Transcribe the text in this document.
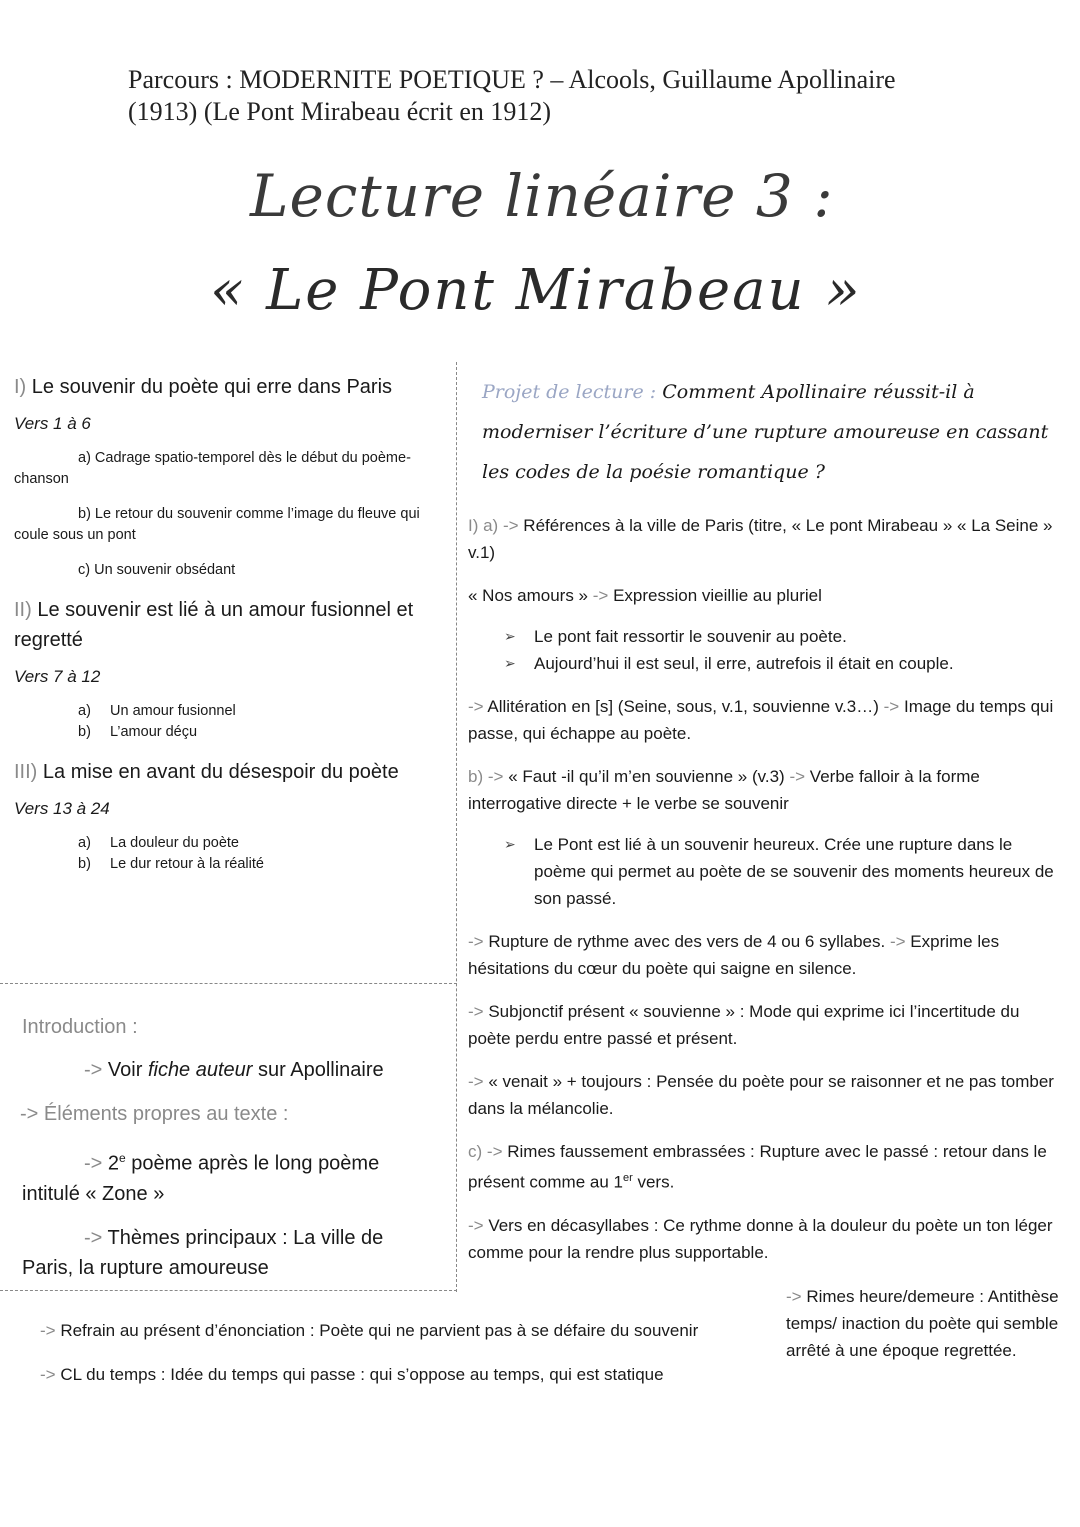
Parcours : MODERNITE POETIQUE ? – Alcools, Guillaume Apollinaire
(1913) (Le Pont Mirabeau écrit en 1912)
Lecture linéaire 3 :
« Le Pont Mirabeau »
I) Le souvenir du poète qui erre dans Paris
Vers 1 à 6
a) Cadrage spatio-temporel dès le début du poème-chanson
b) Le retour du souvenir comme l’image du fleuve qui coule sous un pont
c) Un souvenir obsédant
II) Le souvenir est lié à un amour fusionnel et regretté
Vers 7 à 12
a)	Un amour fusionnel
b)	L’amour déçu
III) La mise en avant du désespoir du poète
Vers 13 à 24
a)	La douleur du poète
b)	Le dur retour à la réalité
Introduction :
-> Voir fiche auteur sur Apollinaire
-> Éléments propres au texte :
-> $2^e$ poème après le long poème
intitulé « Zone »
-> Thèmes principaux : La ville de
Paris, la rupture amoureuse
Projet de lecture : Comment Apollinaire réussit-il à moderniser l’écriture d’une rupture amoureuse en cassant les codes de la poésie romantique ?
I) a) -> Références à la ville de Paris (titre, « Le pont Mirabeau » « La Seine » v.1)
« Nos amours » -> Expression vieillie au pluriel
➢	Le pont fait ressortir le souvenir au poète.
➢	Aujourd’hui il est seul, il erre, autrefois il était en couple.
-> Allitération en [s] (Seine, sous, v.1, souvienne v.3…) -> Image du temps qui passe, qui échappe au poète.
b) -> « Faut -il qu’il m’en souvienne » (v.3) -> Verbe falloir à la forme interrogative directe + le verbe se souvenir
➢	Le Pont est lié à un souvenir heureux. Crée une rupture dans le poème qui permet au poète de se souvenir des moments heureux de son passé.
-> Rupture de rythme avec des vers de 4 ou 6 syllabes. -> Exprime les hésitations du cœur du poète qui saigne en silence.
-> Subjonctif présent « souvienne » : Mode qui exprime ici l’incertitude du poète perdu entre passé et présent.
-> « venait » + toujours : Pensée du poète pour se raisonner et ne pas tomber dans la mélancolie.
c) -> Rimes faussement embrassées : Rupture avec le passé : retour dans le présent comme au 1er vers.
-> Vers en décasyllabes : Ce rythme donne à la douleur du poète un ton léger comme pour la rendre plus supportable.
-> Refrain au présent d’énonciation : Poète qui ne parvient pas à se défaire du souvenir
-> CL du temps : Idée du temps qui passe : qui s’oppose au temps, qui est statique
-> Rimes heure/demeure : Antithèse temps/ inaction du poète qui semble arrêté à une époque regrettée.
